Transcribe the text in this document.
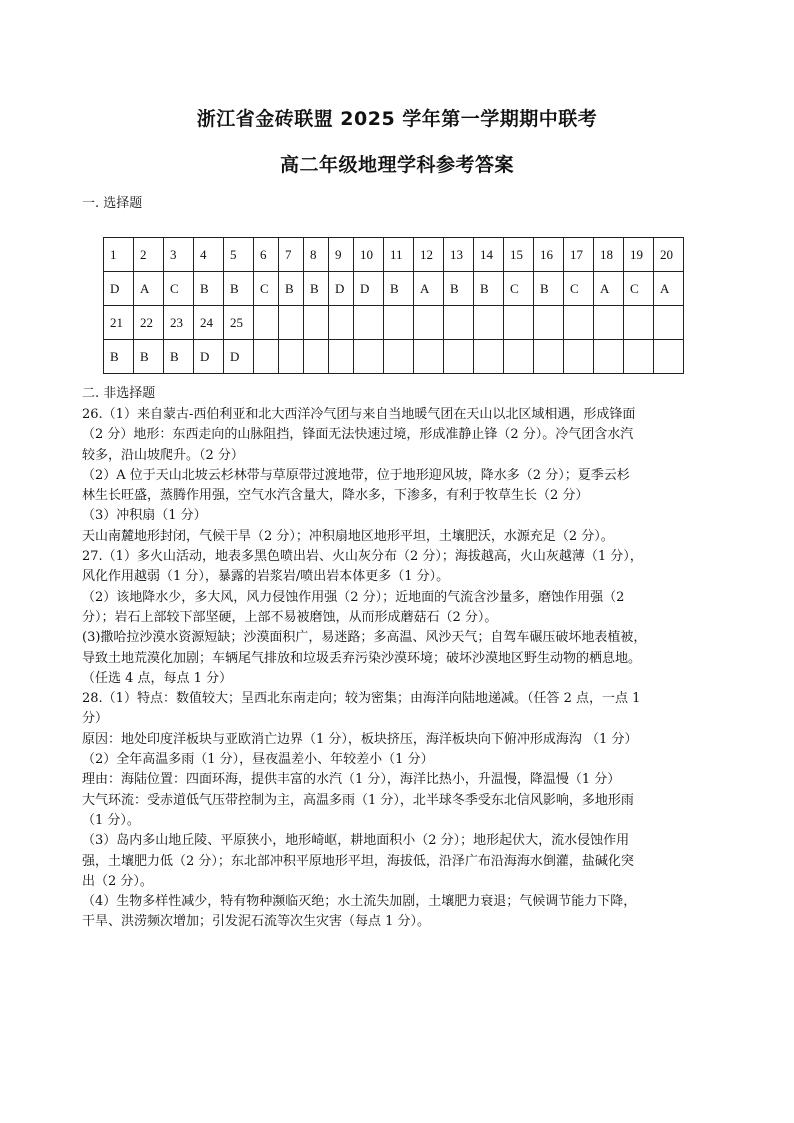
浙江省金砖联盟 2025 学年第一学期期中联考
高二年级地理学科参考答案
一. 选择题
1	2	3	4	5	6	7	8	9	10	11	12	13	14	15	16	17	18	19	20
D	A	C	B	B	C	B	B	D	D	B	A	B	B	C	B	C	A	C	A
21	22	23	24	25															
B	B	B	D	D															
二. 非选择题

26.（1）来自蒙古-西伯利亚和北大西洋冷气团与来自当地暖气团在天山以北区域相遇，形成锋面

（2 分）地形：东西走向的山脉阻挡，锋面无法快速过境，形成准静止锋（2 分）。冷气团含水汽

较多，沿山坡爬升。（2 分）

（2）A 位于天山北坡云杉林带与草原带过渡地带，位于地形迎风坡，降水多（2 分）；夏季云杉

林生长旺盛，蒸腾作用强，空气水汽含量大，降水多，下渗多，有利于牧草生长（2 分）

（3）冲积扇（1 分）

天山南麓地形封闭，气候干旱（2 分）；冲积扇地区地形平坦，土壤肥沃，水源充足（2 分）。

27.（1）多火山活动，地表多黑色喷出岩、火山灰分布（2 分）；海拔越高，火山灰越薄（1 分），

风化作用越弱（1 分），暴露的岩浆岩/喷出岩本体更多（1 分）。

（2）该地降水少，多大风，风力侵蚀作用强（2 分）；近地面的气流含沙量多，磨蚀作用强（2

分）；岩石上部较下部坚硬，上部不易被磨蚀，从而形成蘑菇石（2 分）。

(3)撒哈拉沙漠水资源短缺；沙漠面积广，易迷路；多高温、风沙天气；自驾车碾压破坏地表植被，

导致土地荒漠化加剧；车辆尾气排放和垃圾丢弃污染沙漠环境；破坏沙漠地区野生动物的栖息地。

（任选 4 点，每点 1 分）

28.（1）特点：数值较大；呈西北东南走向；较为密集；由海洋向陆地递减。（任答 2 点，一点 1

分）

原因：地处印度洋板块与亚欧消亡边界（1 分），板块挤压，海洋板块向下俯冲形成海沟 （1 分）

（2）全年高温多雨（1 分），昼夜温差小、年较差小（1 分）

理由：海陆位置：四面环海，提供丰富的水汽（1 分），海洋比热小，升温慢，降温慢（1 分）

大气环流：受赤道低气压带控制为主，高温多雨（1 分），北半球冬季受东北信风影响，多地形雨

（1 分）。

（3）岛内多山地丘陵、平原狭小，地形崎岖，耕地面积小（2 分）；地形起伏大，流水侵蚀作用

强，土壤肥力低（2 分）；东北部冲积平原地形平坦，海拔低，沿泽广布沿海海水倒灌，盐碱化突

出（2 分）。

（4）生物多样性减少，特有物种濒临灭绝；水土流失加剧，土壤肥力衰退；气候调节能力下降，

干旱、洪涝频次增加；引发泥石流等次生灾害（每点 1 分）。
